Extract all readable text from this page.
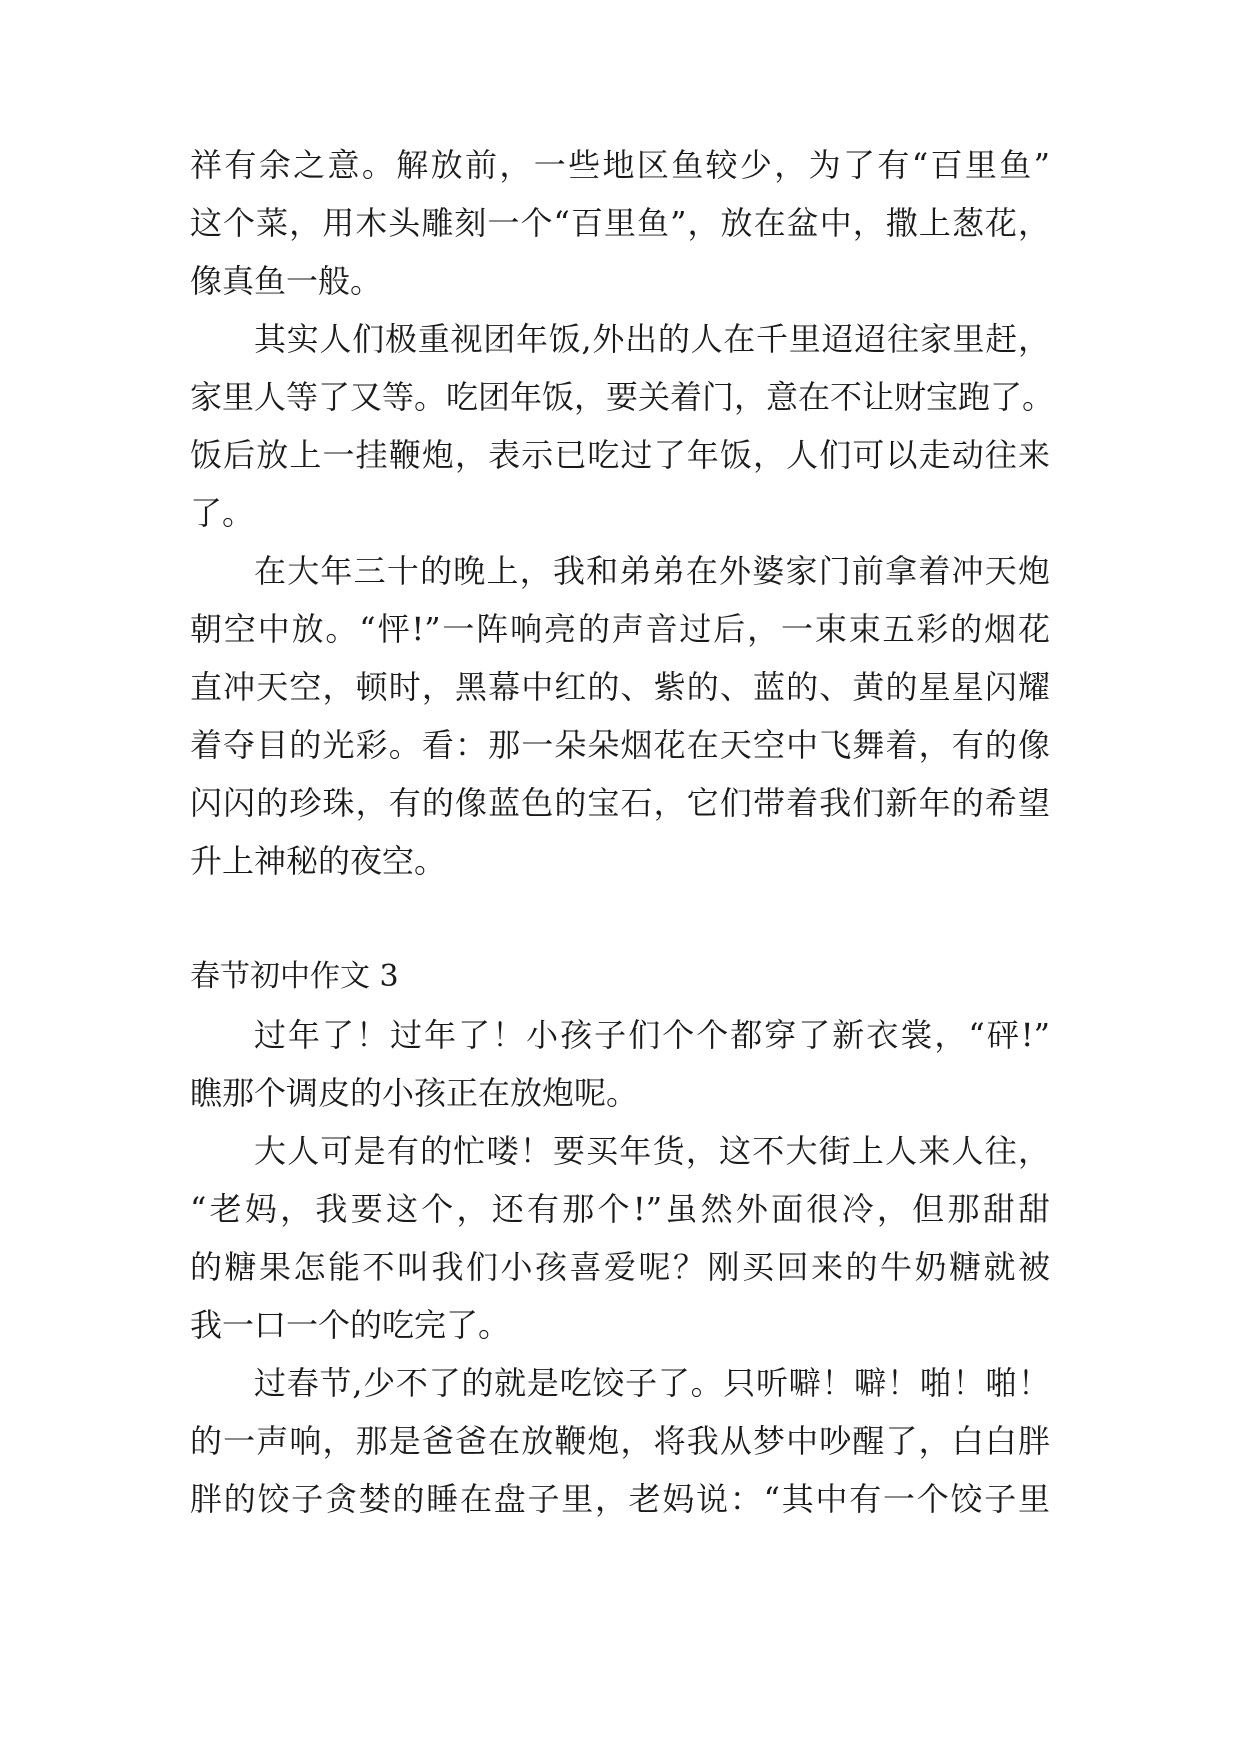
祥有余之意。解放前，一些地区鱼较少，为了有“百里鱼”
这个菜，用木头雕刻一个“百里鱼”，放在盆中，撒上葱花，
像真鱼一般。
其实人们极重视团年饭,外出的人在千里迢迢往家里赶，
家里人等了又等。吃团年饭，要关着门，意在不让财宝跑了。
饭后放上一挂鞭炮，表示已吃过了年饭，人们可以走动往来
了。
在大年三十的晚上，我和弟弟在外婆家门前拿着冲天炮
朝空中放。“怦!”一阵响亮的声音过后，一束束五彩的烟花
直冲天空，顿时，黑幕中红的、紫的、蓝的、黄的星星闪耀
着夺目的光彩。看：那一朵朵烟花在天空中飞舞着，有的像
闪闪的珍珠，有的像蓝色的宝石，它们带着我们新年的希望
升上神秘的夜空。
春节初中作文 3
过年了！过年了！小孩子们个个都穿了新衣裳，“砰!”
瞧那个调皮的小孩正在放炮呢。
大人可是有的忙喽！要买年货，这不大街上人来人往，
“老妈，我要这个，还有那个!”虽然外面很冷，但那甜甜
的糖果怎能不叫我们小孩喜爱呢？刚买回来的牛奶糖就被
我一口一个的吃完了。
过春节,少不了的就是吃饺子了。只听噼！噼！啪！啪！
的一声响，那是爸爸在放鞭炮，将我从梦中吵醒了，白白胖
胖的饺子贪婪的睡在盘子里，老妈说：“其中有一个饺子里
